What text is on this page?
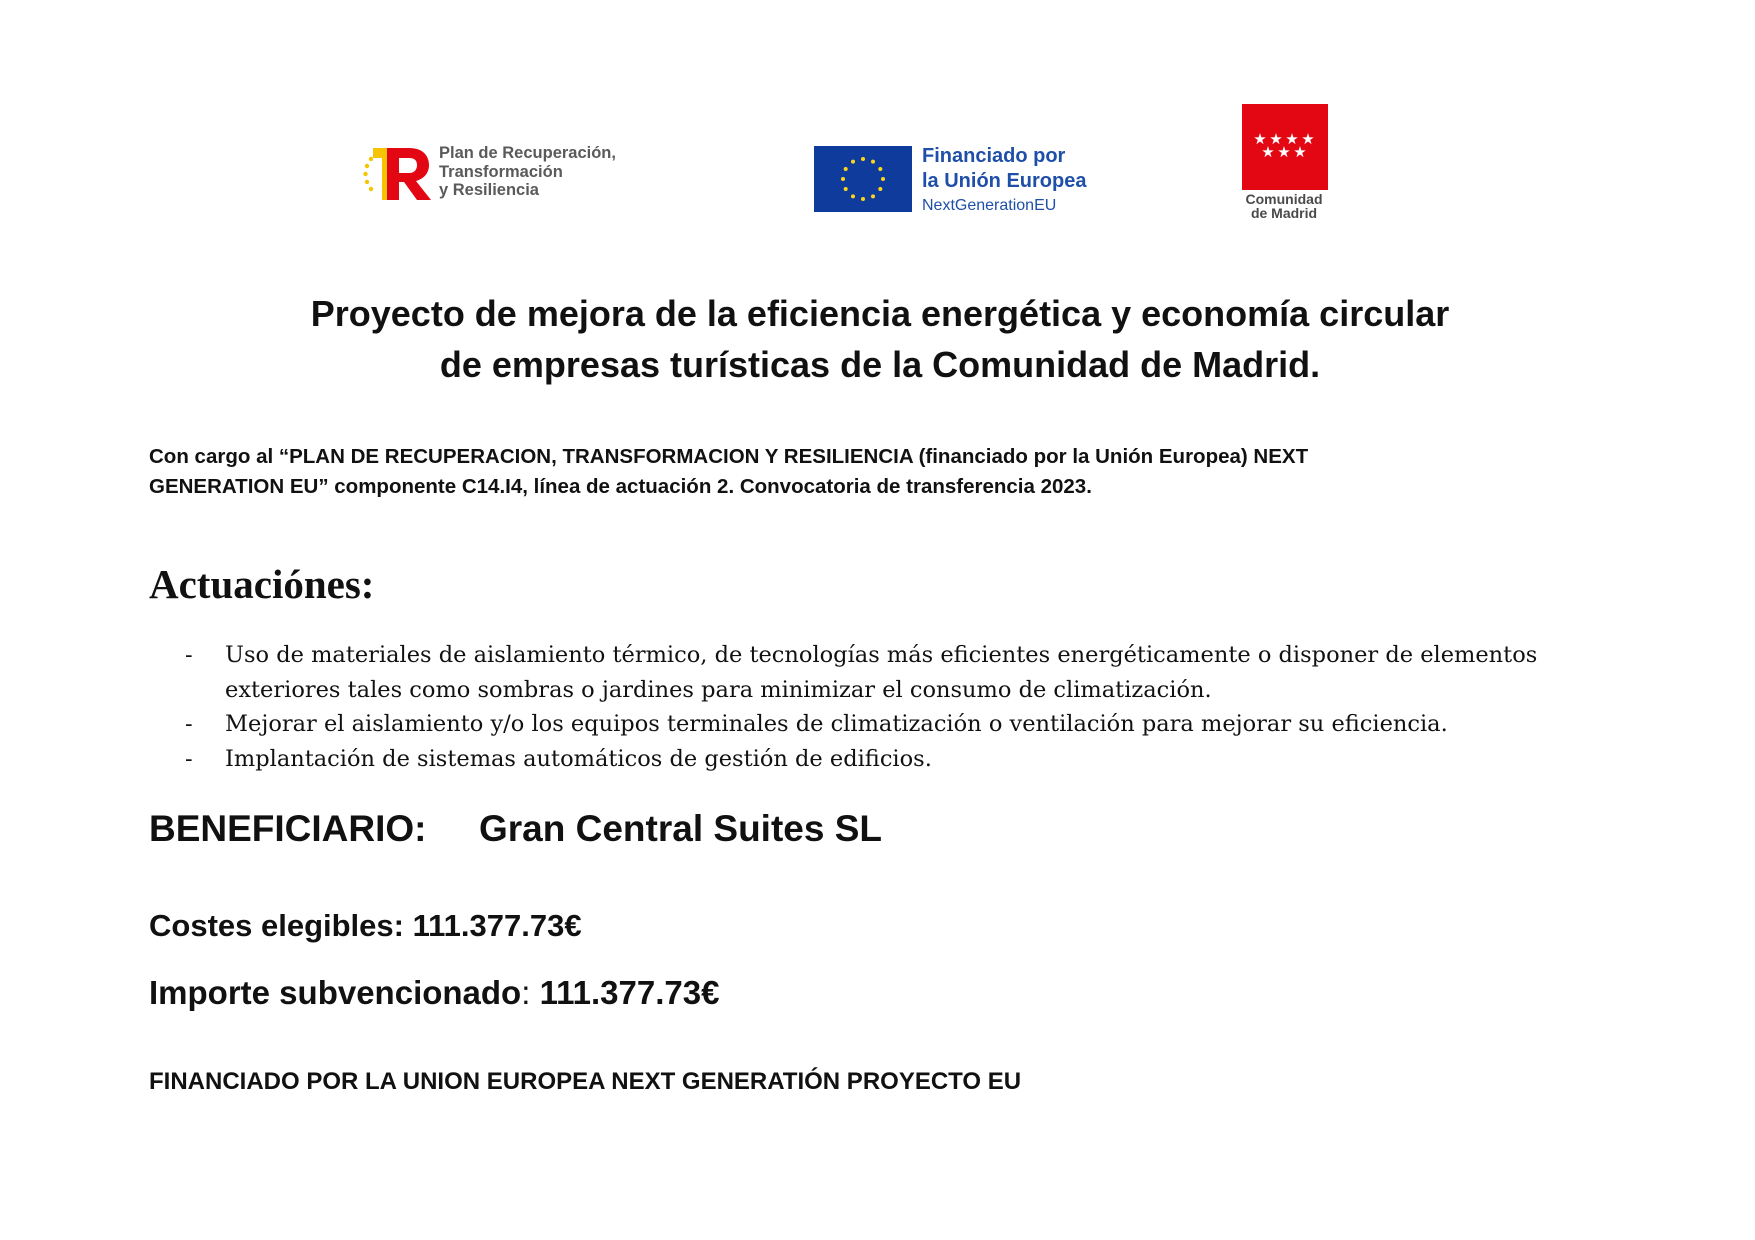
Plan de Recuperación,
Transformación
y Resiliencia
Financiado por
la Unión Europea
NextGenerationEU
★ ★ ★ ★
★ ★ ★
Comunidad
de Madrid
Proyecto de mejora de la eficiencia energética y economía circular
de empresas turísticas de la Comunidad de Madrid.
Con cargo al “PLAN DE RECUPERACION, TRANSFORMACION Y RESILIENCIA (financiado por la Unión Europea) NEXT
GENERATION EU” componente C14.I4, línea de actuación 2. Convocatoria de transferencia 2023.
Actuaciónes:
- Uso de materiales de aislamiento térmico, de tecnologías más eficientes energéticamente o disponer de elementos exteriores tales como sombras o jardines para minimizar el consumo de climatización.
- Mejorar el aislamiento y/o los equipos terminales de climatización o ventilación para mejorar su eficiencia.
- Implantación de sistemas automáticos de gestión de edificios.
BENEFICIARIO: Gran Central Suites SL
Costes elegibles: 111.377.73€
Importe subvencionado: 111.377.73€
FINANCIADO POR LA UNION EUROPEA NEXT GENERATIÓN PROYECTO EU
